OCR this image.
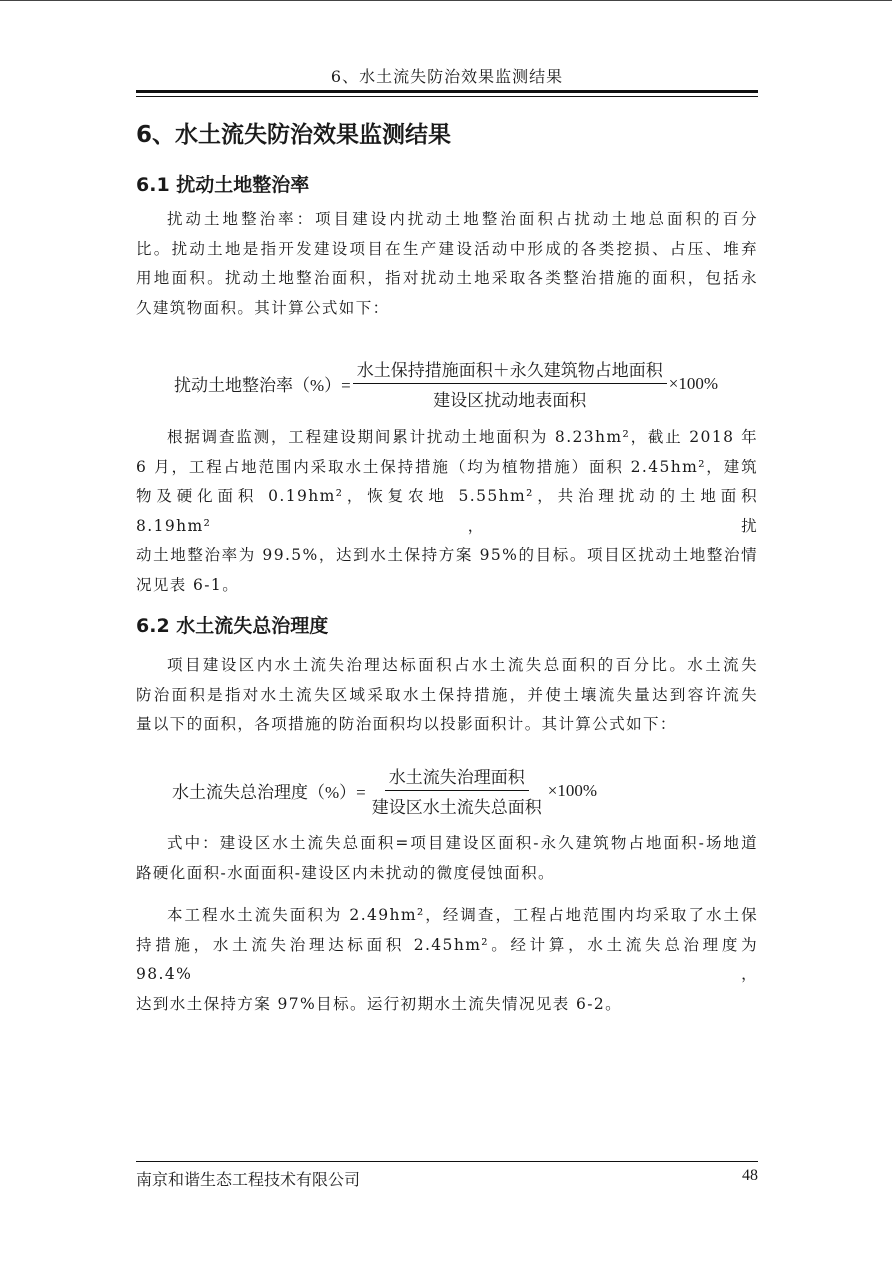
6、水土流失防治效果监测结果
6、水土流失防治效果监测结果
6.1 扰动土地整治率
扰动土地整治率：项目建设内扰动土地整治面积占扰动土地总面积的百分
比。扰动土地是指开发建设项目在生产建设活动中形成的各类挖损、占压、堆弃
用地面积。扰动土地整治面积，指对扰动土地采取各类整治措施的面积，包括永
久建筑物面积。其计算公式如下：
扰动土地整治率（%）= $\frac{\text{水土保持措施面积＋永久建筑物占地面积}}{\text{建设区扰动地表面积}} \times 100\%$
根据调查监测，工程建设期间累计扰动土地面积为 8.23hm²，截止 2018 年
6 月，工程占地范围内采取水土保持措施（均为植物措施）面积 2.45hm²，建筑
物及硬化面积 0.19hm²，恢复农地 5.55hm²，共治理扰动的土地面积 8.19hm²，扰
动土地整治率为 99.5%，达到水土保持方案 95%的目标。项目区扰动土地整治情
况见表 6-1。
6.2 水土流失总治理度
项目建设区内水土流失治理达标面积占水土流失总面积的百分比。水土流失
防治面积是指对水土流失区域采取水土保持措施，并使土壤流失量达到容许流失
量以下的面积，各项措施的防治面积均以投影面积计。其计算公式如下：
水土流失总治理度（%）= $\frac{\text{水土流失治理面积}}{\text{建设区水土流失总面积}} \times 100\%$
式中：建设区水土流失总面积=项目建设区面积-永久建筑物占地面积-场地道
路硬化面积-水面面积-建设区内未扰动的微度侵蚀面积。
本工程水土流失面积为 2.49hm²，经调查，工程占地范围内均采取了水土保
持措施，水土流失治理达标面积 2.45hm²。经计算，水土流失总治理度为 98.4%，
达到水土保持方案 97%目标。运行初期水土流失情况见表 6-2。
南京和谐生态工程技术有限公司	48
